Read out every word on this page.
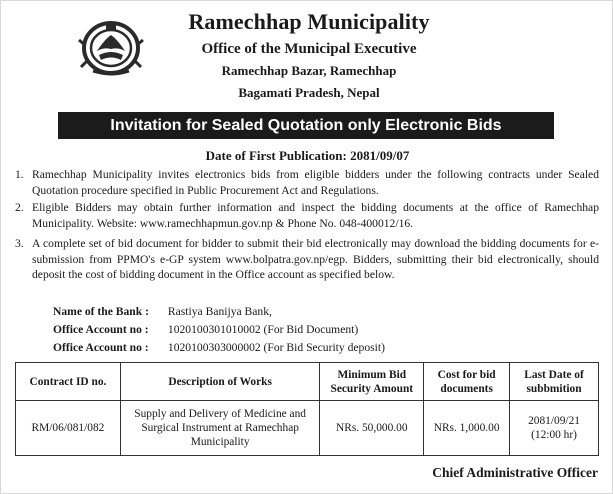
Ramechhap Municipality
Office of the Municipal Executive
Ramechhap Bazar, Ramechhap
Bagamati Pradesh, Nepal
Invitation for Sealed Quotation only Electronic Bids
Date of First Publication: 2081/09/07
1. Ramechhap Municipality invites electronics bids from eligible bidders under the following contracts under Sealed Quotation procedure specified in Public Procurement Act and Regulations.
2. Eligible Bidders may obtain further information and inspect the bidding documents at the office of Ramechhap Municipality. Website: www.ramechhapmun.gov.np & Phone No. 048-400012/16.
3. A complete set of bid document for bidder to submit their bid electronically may download the bidding documents for e-submission from PPMO's e-GP system www.bolpatra.gov.np/egp. Bidders, submitting their bid electronically, should deposit the cost of bidding document in the Office account as specified below.
Name of the Bank : Rastiya Banijya Bank,
Office Account no : 1020100301010002 (For Bid Document)
Office Account no : 1020100303000002 (For Bid Security deposit)
Contract ID no.	Description of Works	Minimum Bid Security Amount	Cost for bid documents	Last Date of subbmition
RM/06/081/082	Supply and Delivery of Medicine and Surgical Instrument at Ramechhap Municipality	NRs. 50,000.00	NRs. 1,000.00	2081/09/21 (12:00 hr)
Chief Administrative Officer
